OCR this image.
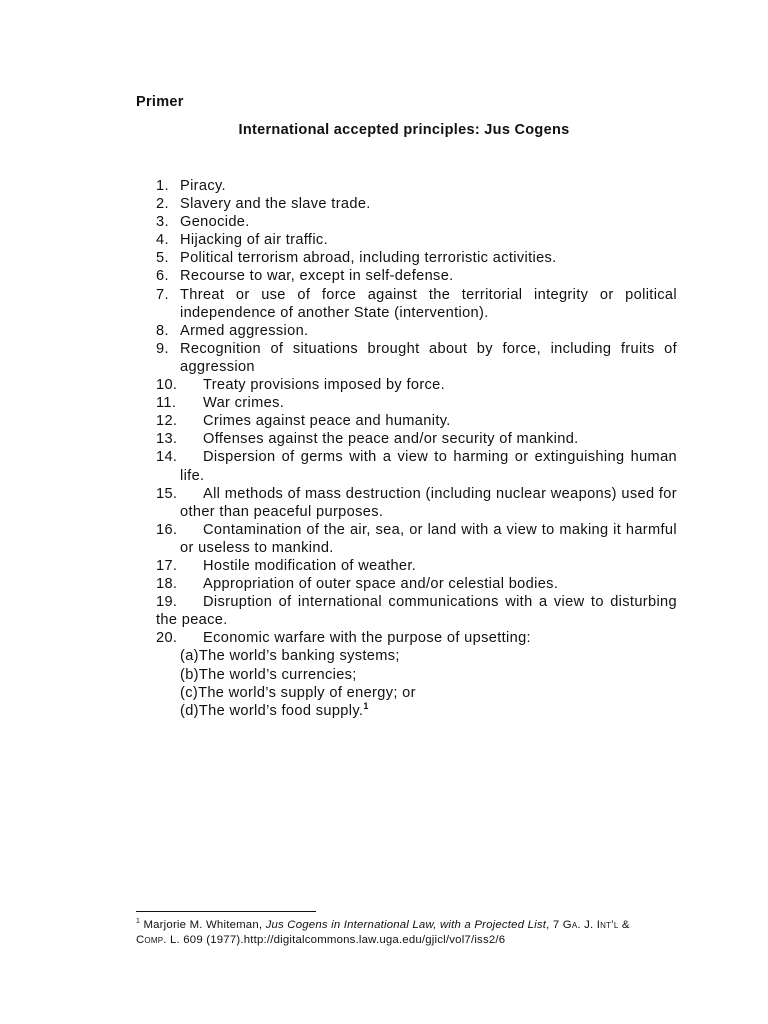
Primer
International accepted principles: Jus Cogens
1. Piracy.
2. Slavery and the slave trade.
3. Genocide.
4. Hijacking of air traffic.
5. Political terrorism abroad, including terroristic activities.
6. Recourse to war, except in self-defense.
7. Threat or use of force against the territorial integrity or political independence of another State (intervention).
8. Armed aggression.
9. Recognition of situations brought about by force, including fruits of aggression
10. Treaty provisions imposed by force.
11. War crimes.
12. Crimes against peace and humanity.
13. Offenses against the peace and/or security of mankind.
14. Dispersion of germs with a view to harming or extinguishing human life.
15. All methods of mass destruction (including nuclear weapons) used for other than peaceful purposes.
16. Contamination of the air, sea, or land with a view to making it harmful or useless to mankind.
17. Hostile modification of weather.
18. Appropriation of outer space and/or celestial bodies.
19. Disruption of international communications with a view to disturbing the peace.
20. Economic warfare with the purpose of upsetting:
(a)The world’s banking systems;
(b)The world’s currencies;
(c)The world’s supply of energy; or
(d)The world’s food supply.$^1$
$^1$ Marjorie M. Whiteman, Jus Cogens in International Law, with a Projected List, 7 Ga. J. Int’l &
Comp. L. 609 (1977).http://digitalcommons.law.uga.edu/gjicl/vol7/iss2/6
